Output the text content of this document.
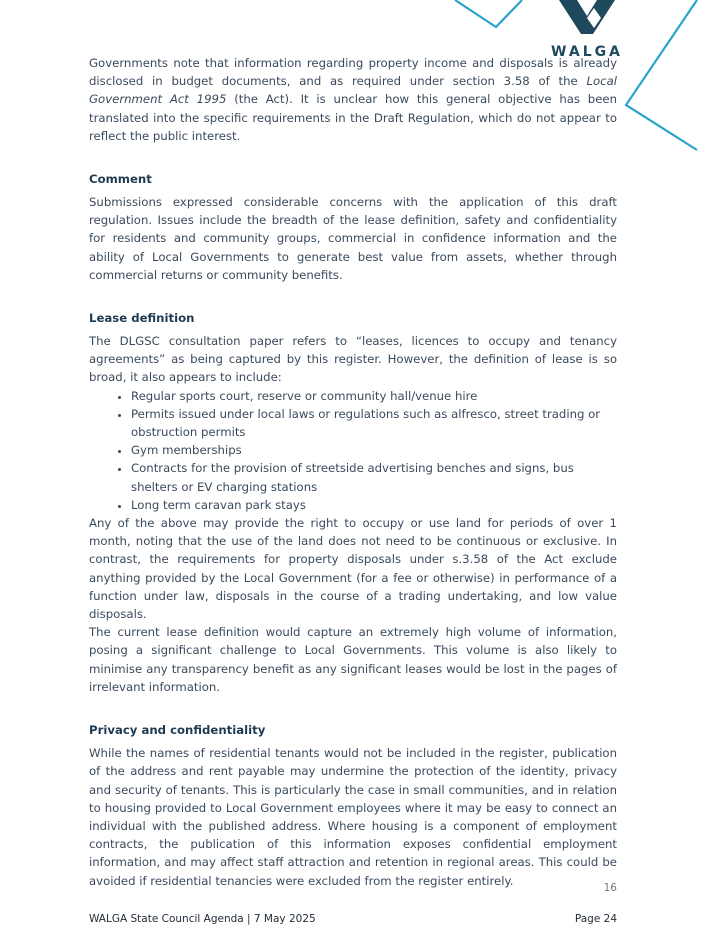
WALGA

Governments note that information regarding property income and disposals is already disclosed in budget documents, and as required under section 3.58 of the Local Government Act 1995 (the Act). It is unclear how this general objective has been translated into the specific requirements in the Draft Regulation, which do not appear to reflect the public interest.

Comment

Submissions expressed considerable concerns with the application of this draft regulation. Issues include the breadth of the lease definition, safety and confidentiality for residents and community groups, commercial in confidence information and the ability of Local Governments to generate best value from assets, whether through commercial returns or community benefits.

Lease definition

The DLGSC consultation paper refers to “leases, licences to occupy and tenancy agreements” as being captured by this register. However, the definition of lease is so broad, it also appears to include:

• Regular sports court, reserve or community hall/venue hire
• Permits issued under local laws or regulations such as alfresco, street trading or obstruction permits
• Gym memberships
• Contracts for the provision of streetside advertising benches and signs, bus shelters or EV charging stations
• Long term caravan park stays

Any of the above may provide the right to occupy or use land for periods of over 1 month, noting that the use of the land does not need to be continuous or exclusive. In contrast, the requirements for property disposals under s.3.58 of the Act exclude anything provided by the Local Government (for a fee or otherwise) in performance of a function under law, disposals in the course of a trading undertaking, and low value disposals.

The current lease definition would capture an extremely high volume of information, posing a significant challenge to Local Governments. This volume is also likely to minimise any transparency benefit as any significant leases would be lost in the pages of irrelevant information.

Privacy and confidentiality

While the names of residential tenants would not be included in the register, publication of the address and rent payable may undermine the protection of the identity, privacy and security of tenants. This is particularly the case in small communities, and in relation to housing provided to Local Government employees where it may be easy to connect an individual with the published address. Where housing is a component of employment contracts, the publication of this information exposes confidential employment information, and may affect staff attraction and retention in regional areas. This could be avoided if residential tenancies were excluded from the register entirely.

16
WALGA State Council Agenda | 7 May 2025	Page 24
